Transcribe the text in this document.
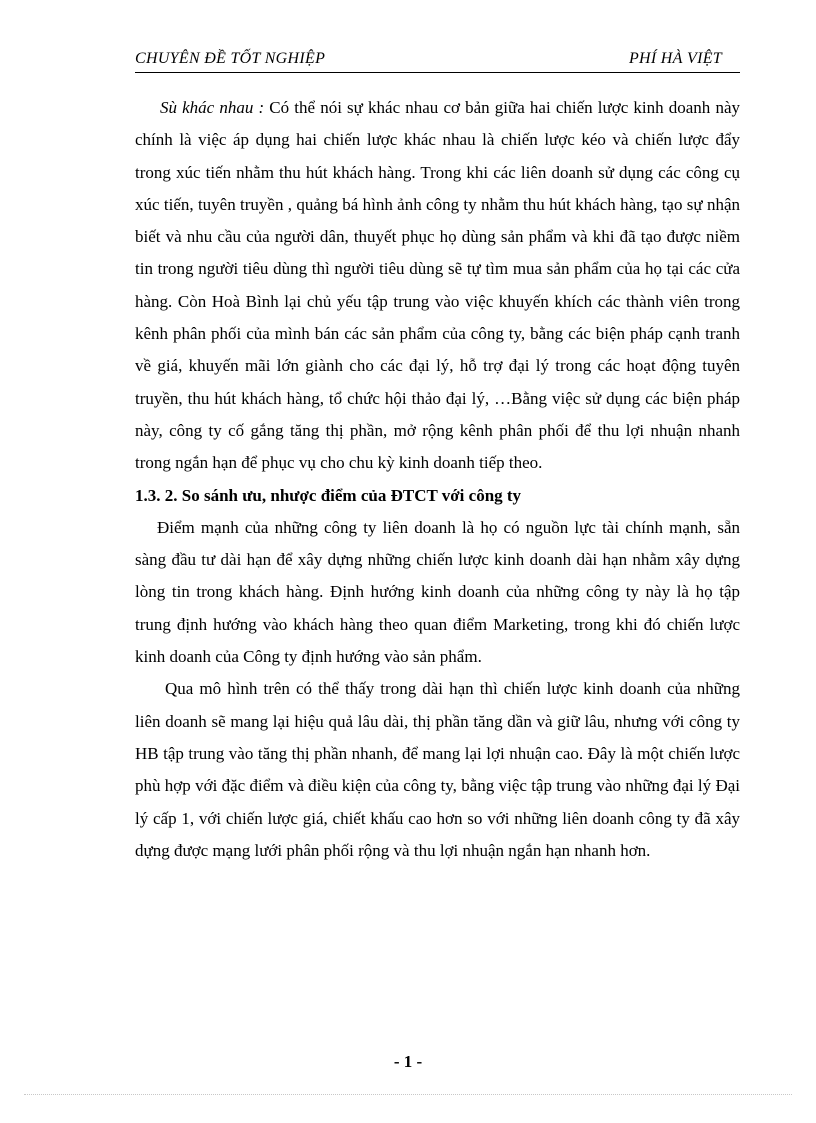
CHUYÊN ĐỀ TỐT NGHIỆP	PHÍ HÀ VIỆT

Sù khác nhau : Có thể nói sự khác nhau cơ bản giữa hai chiến lược kinh doanh này chính là việc áp dụng hai chiến lược khác nhau là chiến lược kéo và chiến lược đẩy trong xúc tiến nhằm thu hút khách hàng. Trong khi các liên doanh sử dụng các công cụ xúc tiến, tuyên truyền , quảng bá hình ảnh công ty nhằm thu hút khách hàng, tạo sự nhận biết và nhu cầu của người dân, thuyết phục họ dùng sản phẩm và khi đã tạo được niềm tin trong người tiêu dùng thì người tiêu dùng sẽ tự tìm mua sản phẩm của họ tại các cửa hàng. Còn Hoà Bình lại chủ yếu tập trung vào việc khuyến khích các thành viên trong kênh phân phối của mình bán các sản phẩm của công ty, bằng các biện pháp cạnh tranh về giá, khuyến mãi lớn giành cho các đại lý, hỗ trợ đại lý trong các hoạt động tuyên truyền, thu hút khách hàng, tổ chức hội thảo đại lý, …Bằng việc sử dụng các biện pháp này, công ty cố gắng tăng thị phần, mở rộng kênh phân phối để thu lợi nhuận nhanh trong ngắn hạn để phục vụ cho chu kỳ kinh doanh tiếp theo.

1.3. 2. So sánh ưu, nhược điểm của ĐTCT với công ty

Điểm mạnh của những công ty liên doanh là họ có nguồn lực tài chính mạnh, sẵn sàng đầu tư dài hạn để xây dựng những chiến lược kinh doanh dài hạn nhằm xây dựng lòng tin trong khách hàng. Định hướng kinh doanh của những công ty này là họ tập trung định hướng vào khách hàng theo quan điểm Marketing, trong khi đó chiến lược kinh doanh của Công ty định hướng vào sản phẩm.

Qua mô hình trên có thể thấy trong dài hạn thì chiến lược kinh doanh của những liên doanh sẽ mang lại hiệu quả lâu dài, thị phần tăng dần và giữ lâu, nhưng với công ty HB tập trung vào tăng thị phần nhanh, để mang lại lợi nhuận cao. Đây là một chiến lược phù hợp với đặc điểm và điều kiện của công ty, bằng việc tập trung vào những đại lý Đại lý cấp 1, với chiến lược giá, chiết khấu cao hơn so với những liên doanh công ty đã xây dựng được mạng lưới phân phối rộng và thu lợi nhuận ngắn hạn nhanh hơn.

- 1 -
